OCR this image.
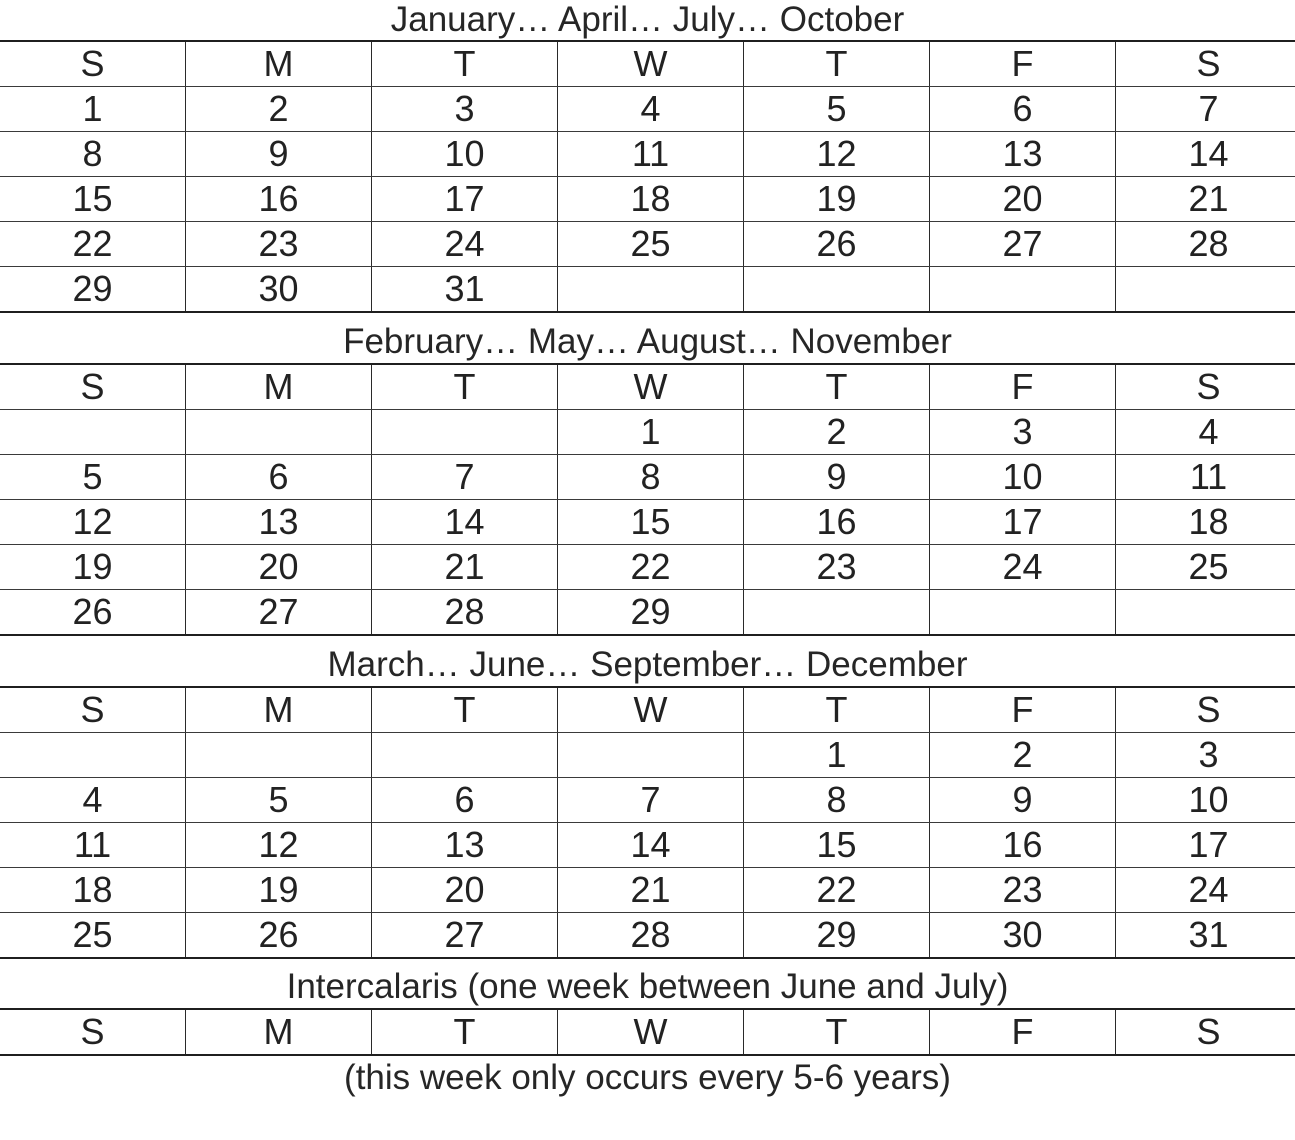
January… April… July… October
S	M	T	W	T	F	S
1	2	3	4	5	6	7
8	9	10	11	12	13	14
15	16	17	18	19	20	21
22	23	24	25	26	27	28
29	30	31				
February… May… August… November
S	M	T	W	T	F	S
			1	2	3	4
5	6	7	8	9	10	11
12	13	14	15	16	17	18
19	20	21	22	23	24	25
26	27	28	29			
March… June… September… December
S	M	T	W	T	F	S
				1	2	3
4	5	6	7	8	9	10
11	12	13	14	15	16	17
18	19	20	21	22	23	24
25	26	27	28	29	30	31
Intercalaris (one week between June and July)
S	M	T	W	T	F	S
(this week only occurs every 5-6 years)
